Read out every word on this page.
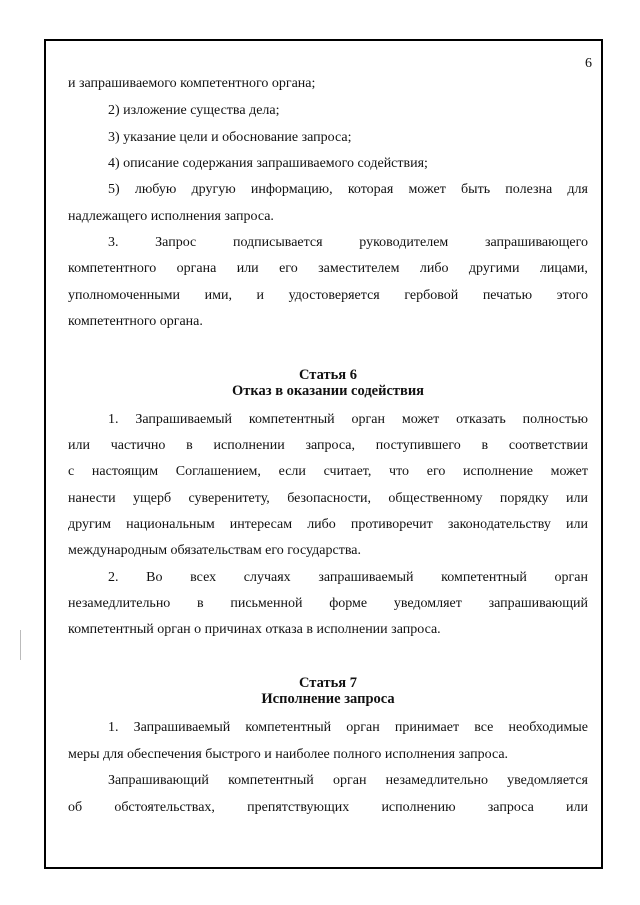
6
и запрашиваемого компетентного органа;
2) изложение существа дела;
3) указание цели и обоснование запроса;
4) описание содержания запрашиваемого содействия;
5) любую другую информацию, которая может быть полезна для
надлежащего исполнения запроса.
3.	Запрос	подписывается	руководителем	запрашивающего
компетентного органа или его заместителем либо другими лицами,
уполномоченными ими, и удостоверяется гербовой печатью этого
компетентного органа.
Статья 6
Отказ в оказании содействия
1. Запрашиваемый компетентный орган может отказать полностью
или частично в исполнении запроса, поступившего в соответствии
с настоящим Соглашением, если считает, что его исполнение может
нанести ущерб суверенитету, безопасности, общественному порядку или
другим национальным интересам либо противоречит законодательству или
международным обязательствам его государства.
2. Во всех случаях запрашиваемый компетентный орган
незамедлительно в письменной форме уведомляет запрашивающий
компетентный орган о причинах отказа в исполнении запроса.
Статья 7
Исполнение запроса
1. Запрашиваемый компетентный орган принимает все необходимые
меры для обеспечения быстрого и наиболее полного исполнения запроса.
Запрашивающий компетентный орган незамедлительно уведомляется
об обстоятельствах, препятствующих исполнению запроса или
